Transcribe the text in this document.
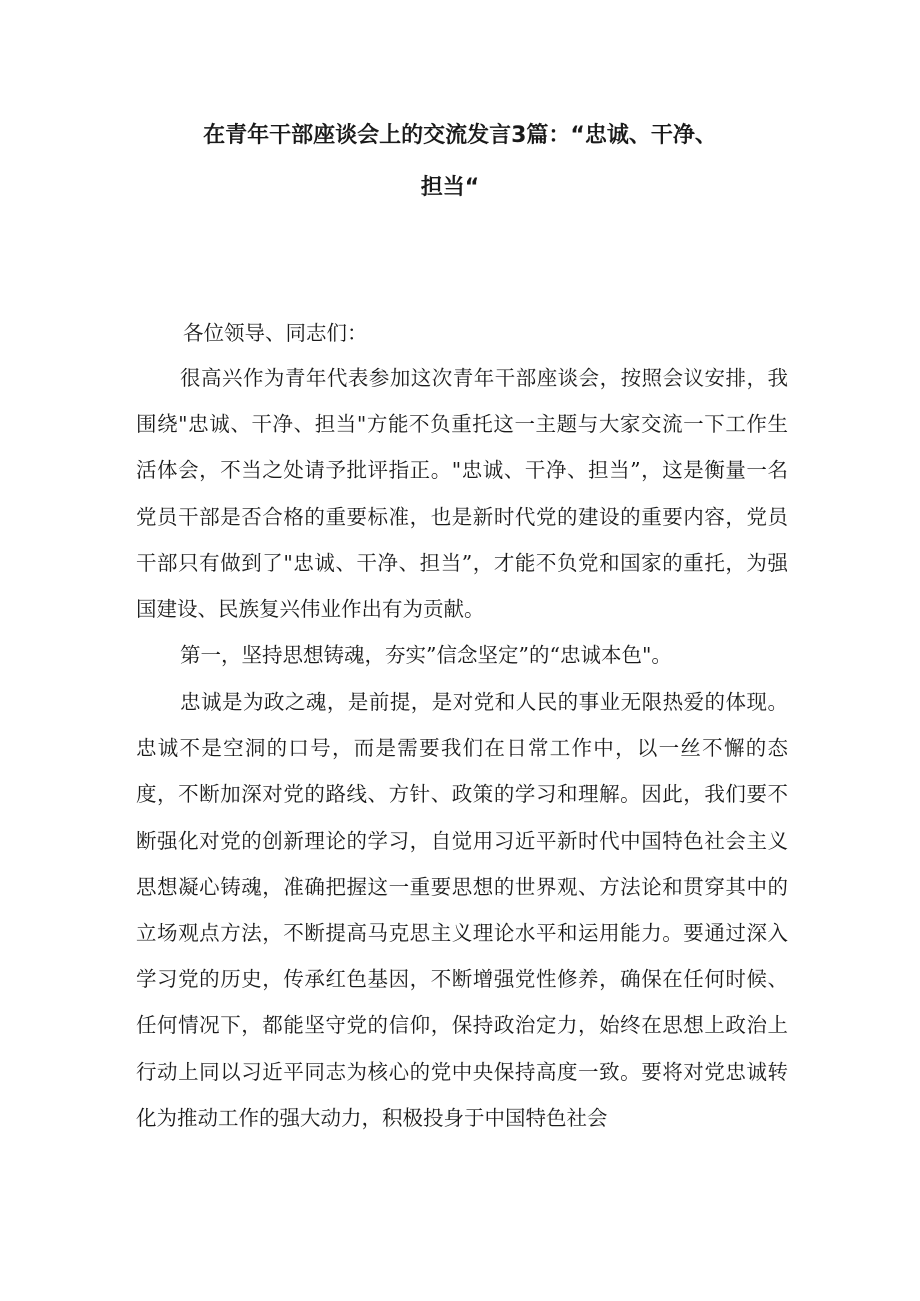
在青年干部座谈会上的交流发言3篇：“忠诚、干净、
担当“

各位领导、同志们：

很高兴作为青年代表参加这次青年干部座谈会，按照会议安排，我围绕"忠诚、干净、担当"方能不负重托这一主题与大家交流一下工作生活体会，不当之处请予批评指正。"忠诚、干净、担当”，这是衡量一名党员干部是否合格的重要标准，也是新时代党的建设的重要内容，党员干部只有做到了"忠诚、干净、担当”，才能不负党和国家的重托，为强国建设、民族复兴伟业作出有为贡献。

第一，坚持思想铸魂，夯实”信念坚定”的“忠诚本色"。

忠诚是为政之魂，是前提，是对党和人民的事业无限热爱的体现。忠诚不是空洞的口号，而是需要我们在日常工作中，以一丝不懈的态度，不断加深对党的路线、方针、政策的学习和理解。因此，我们要不断强化对党的创新理论的学习，自觉用习近平新时代中国特色社会主义思想凝心铸魂，准确把握这一重要思想的世界观、方法论和贯穿其中的立场观点方法，不断提高马克思主义理论水平和运用能力。要通过深入学习党的历史，传承红色基因，不断增强党性修养，确保在任何时候、任何情况下，都能坚守党的信仰，保持政治定力，始终在思想上政治上行动上同以习近平同志为核心的党中央保持高度一致。要将对党忠诚转化为推动工作的强大动力，积极投身于中国特色社会
